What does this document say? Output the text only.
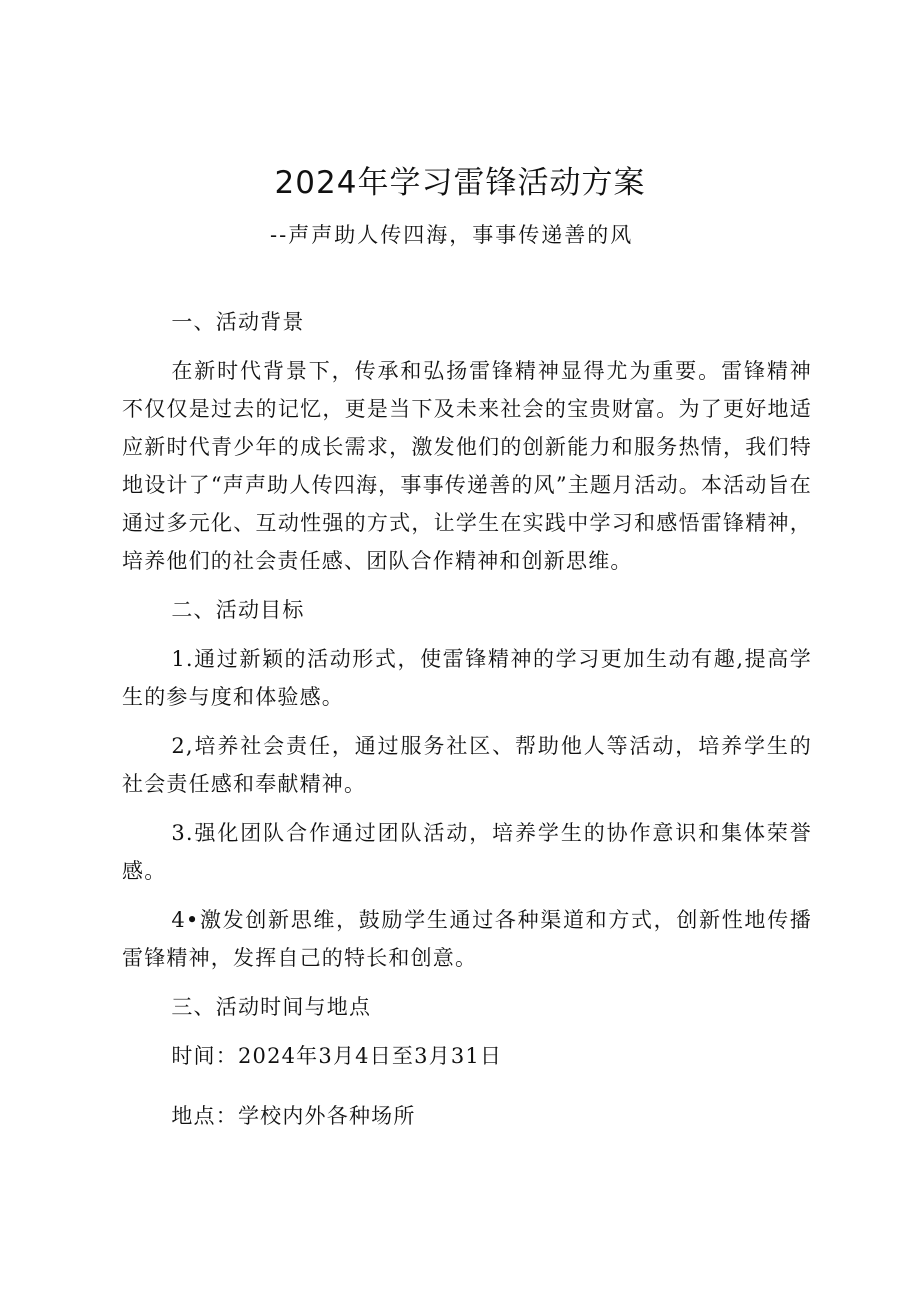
2024年学习雷锋活动方案

--声声助人传四海，事事传递善的风

一、活动背景

在新时代背景下，传承和弘扬雷锋精神显得尤为重要。雷锋精神不仅仅是过去的记忆，更是当下及未来社会的宝贵财富。为了更好地适应新时代青少年的成长需求，激发他们的创新能力和服务热情，我们特地设计了“声声助人传四海，事事传递善的风”主题月活动。本活动旨在通过多元化、互动性强的方式，让学生在实践中学习和感悟雷锋精神，培养他们的社会责任感、团队合作精神和创新思维。

二、活动目标

1.通过新颖的活动形式，使雷锋精神的学习更加生动有趣,提高学生的参与度和体验感。

2,培养社会责任，通过服务社区、帮助他人等活动，培养学生的社会责任感和奉献精神。

3.强化团队合作通过团队活动，培养学生的协作意识和集体荣誉感。

4•激发创新思维，鼓励学生通过各种渠道和方式，创新性地传播雷锋精神，发挥自己的特长和创意。

三、活动时间与地点

时间：2024年3月4日至3月31日

地点：学校内外各种场所
